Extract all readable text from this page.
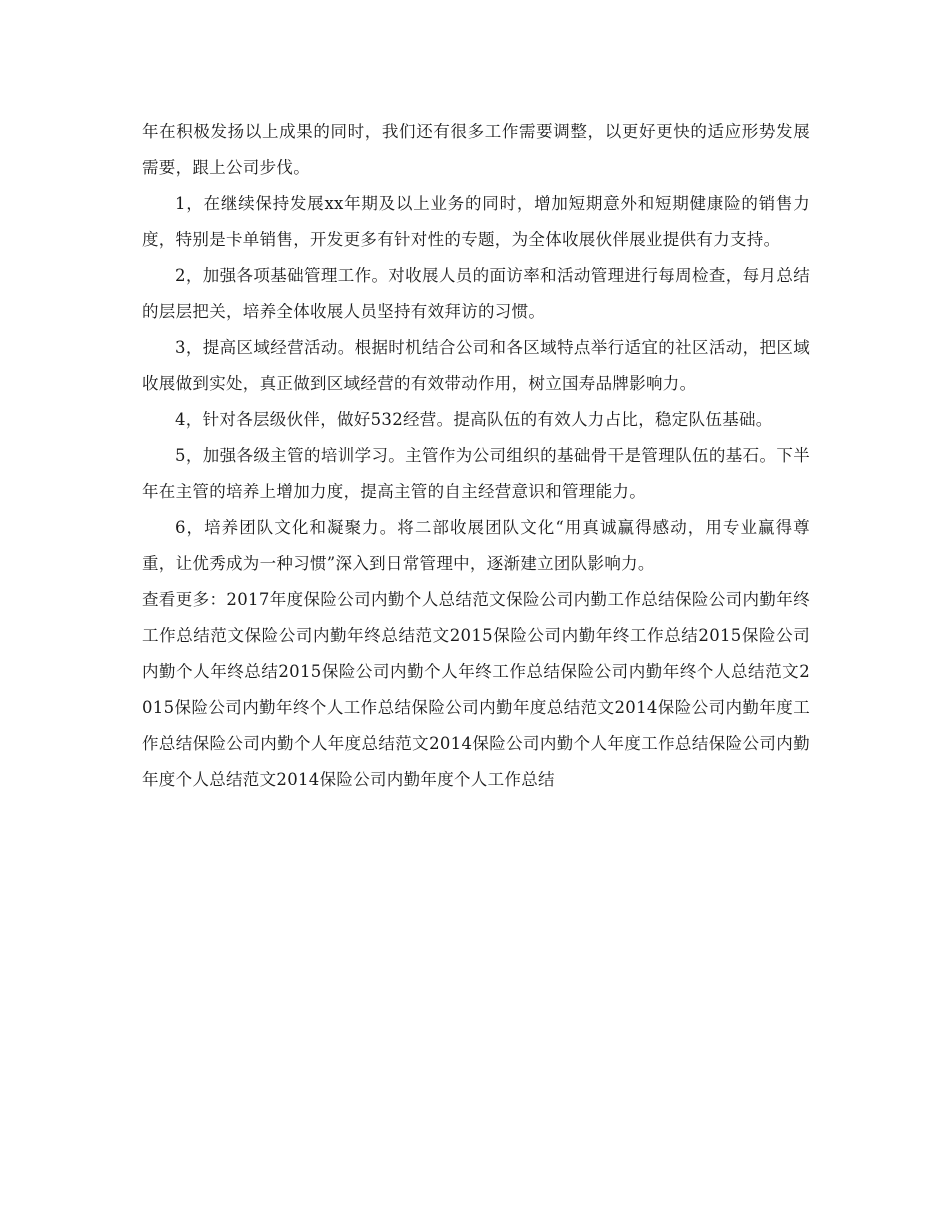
年在积极发扬以上成果的同时，我们还有很多工作需要调整，以更好更快的适应形势发展需要，跟上公司步伐。

1，在继续保持发展xx年期及以上业务的同时，增加短期意外和短期健康险的销售力度，特别是卡单销售，开发更多有针对性的专题，为全体收展伙伴展业提供有力支持。

2，加强各项基础管理工作。对收展人员的面访率和活动管理进行每周检查，每月总结的层层把关，培养全体收展人员坚持有效拜访的习惯。

3，提高区域经营活动。根据时机结合公司和各区域特点举行适宜的社区活动，把区域收展做到实处，真正做到区域经营的有效带动作用，树立国寿品牌影响力。

4，针对各层级伙伴，做好532经营。提高队伍的有效人力占比，稳定队伍基础。

5，加强各级主管的培训学习。主管作为公司组织的基础骨干是管理队伍的基石。下半年在主管的培养上增加力度，提高主管的自主经营意识和管理能力。

6，培养团队文化和凝聚力。将二部收展团队文化“用真诚赢得感动，用专业赢得尊重，让优秀成为一种习惯”深入到日常管理中，逐渐建立团队影响力。

查看更多：2017年度保险公司内勤个人总结范文保险公司内勤工作总结保险公司内勤年终工作总结范文保险公司内勤年终总结范文2015保险公司内勤年终工作总结2015保险公司内勤个人年终总结2015保险公司内勤个人年终工作总结保险公司内勤年终个人总结范文2015保险公司内勤年终个人工作总结保险公司内勤年度总结范文2014保险公司内勤年度工作总结保险公司内勤个人年度总结范文2014保险公司内勤个人年度工作总结保险公司内勤年度个人总结范文2014保险公司内勤年度个人工作总结
